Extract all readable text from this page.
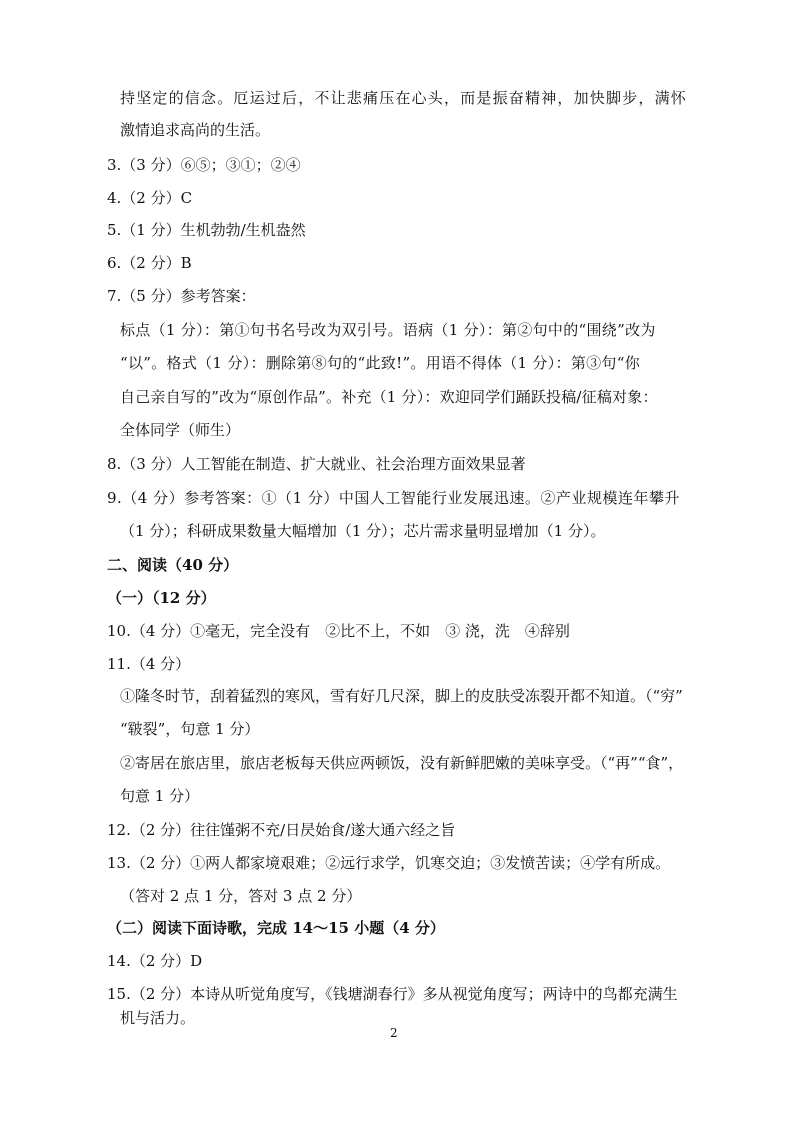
持坚定的信念。厄运过后，不让悲痛压在心头，而是振奋精神，加快脚步，满怀
激情追求高尚的生活。
3.（3 分）⑥⑤；③①；②④
4.（2 分）C
5.（1 分）生机勃勃/生机盎然
6.（2 分）B
7.（5 分）参考答案：
标点（1 分）：第①句书名号改为双引号。语病（1 分）：第②句中的“围绕”改为
“以”。格式（1 分）：删除第⑧句的“此致!”。用语不得体（1 分）：第③句“你
自己亲自写的”改为“原创作品”。补充（1 分）：欢迎同学们踊跃投稿/征稿对象：
全体同学（师生）
8.（3 分）人工智能在制造、扩大就业、社会治理方面效果显著
9.（4 分）参考答案：①（1 分）中国人工智能行业发展迅速。②产业规模连年攀升
（1 分）；科研成果数量大幅增加（1 分）；芯片需求量明显增加（1 分）。
二、阅读（40 分）
（一）（12 分）
10.（4 分）①毫无，完全没有　②比不上，不如　③ 浇，洗　④辞别
11.（4 分）
①隆冬时节，刮着猛烈的寒风，雪有好几尺深，脚上的皮肤受冻裂开都不知道。（“穷”
“皲裂”，句意 1 分）
②寄居在旅店里，旅店老板每天供应两顿饭，没有新鲜肥嫩的美味享受。（“再”“食”，
句意 1 分）
12.（2 分）往往馑粥不充/日昃始食/遂大通六经之旨
13.（2 分）①两人都家境艰难；②远行求学，饥寒交迫；③发愤苦读；④学有所成。
（答对 2 点 1 分，答对 3 点 2 分）
（二）阅读下面诗歌，完成 14～15 小题（4 分）
14.（2 分）D
15.（2 分）本诗从听觉角度写，《钱塘湖春行》多从视觉角度写；两诗中的鸟都充满生
机与活力。
2
